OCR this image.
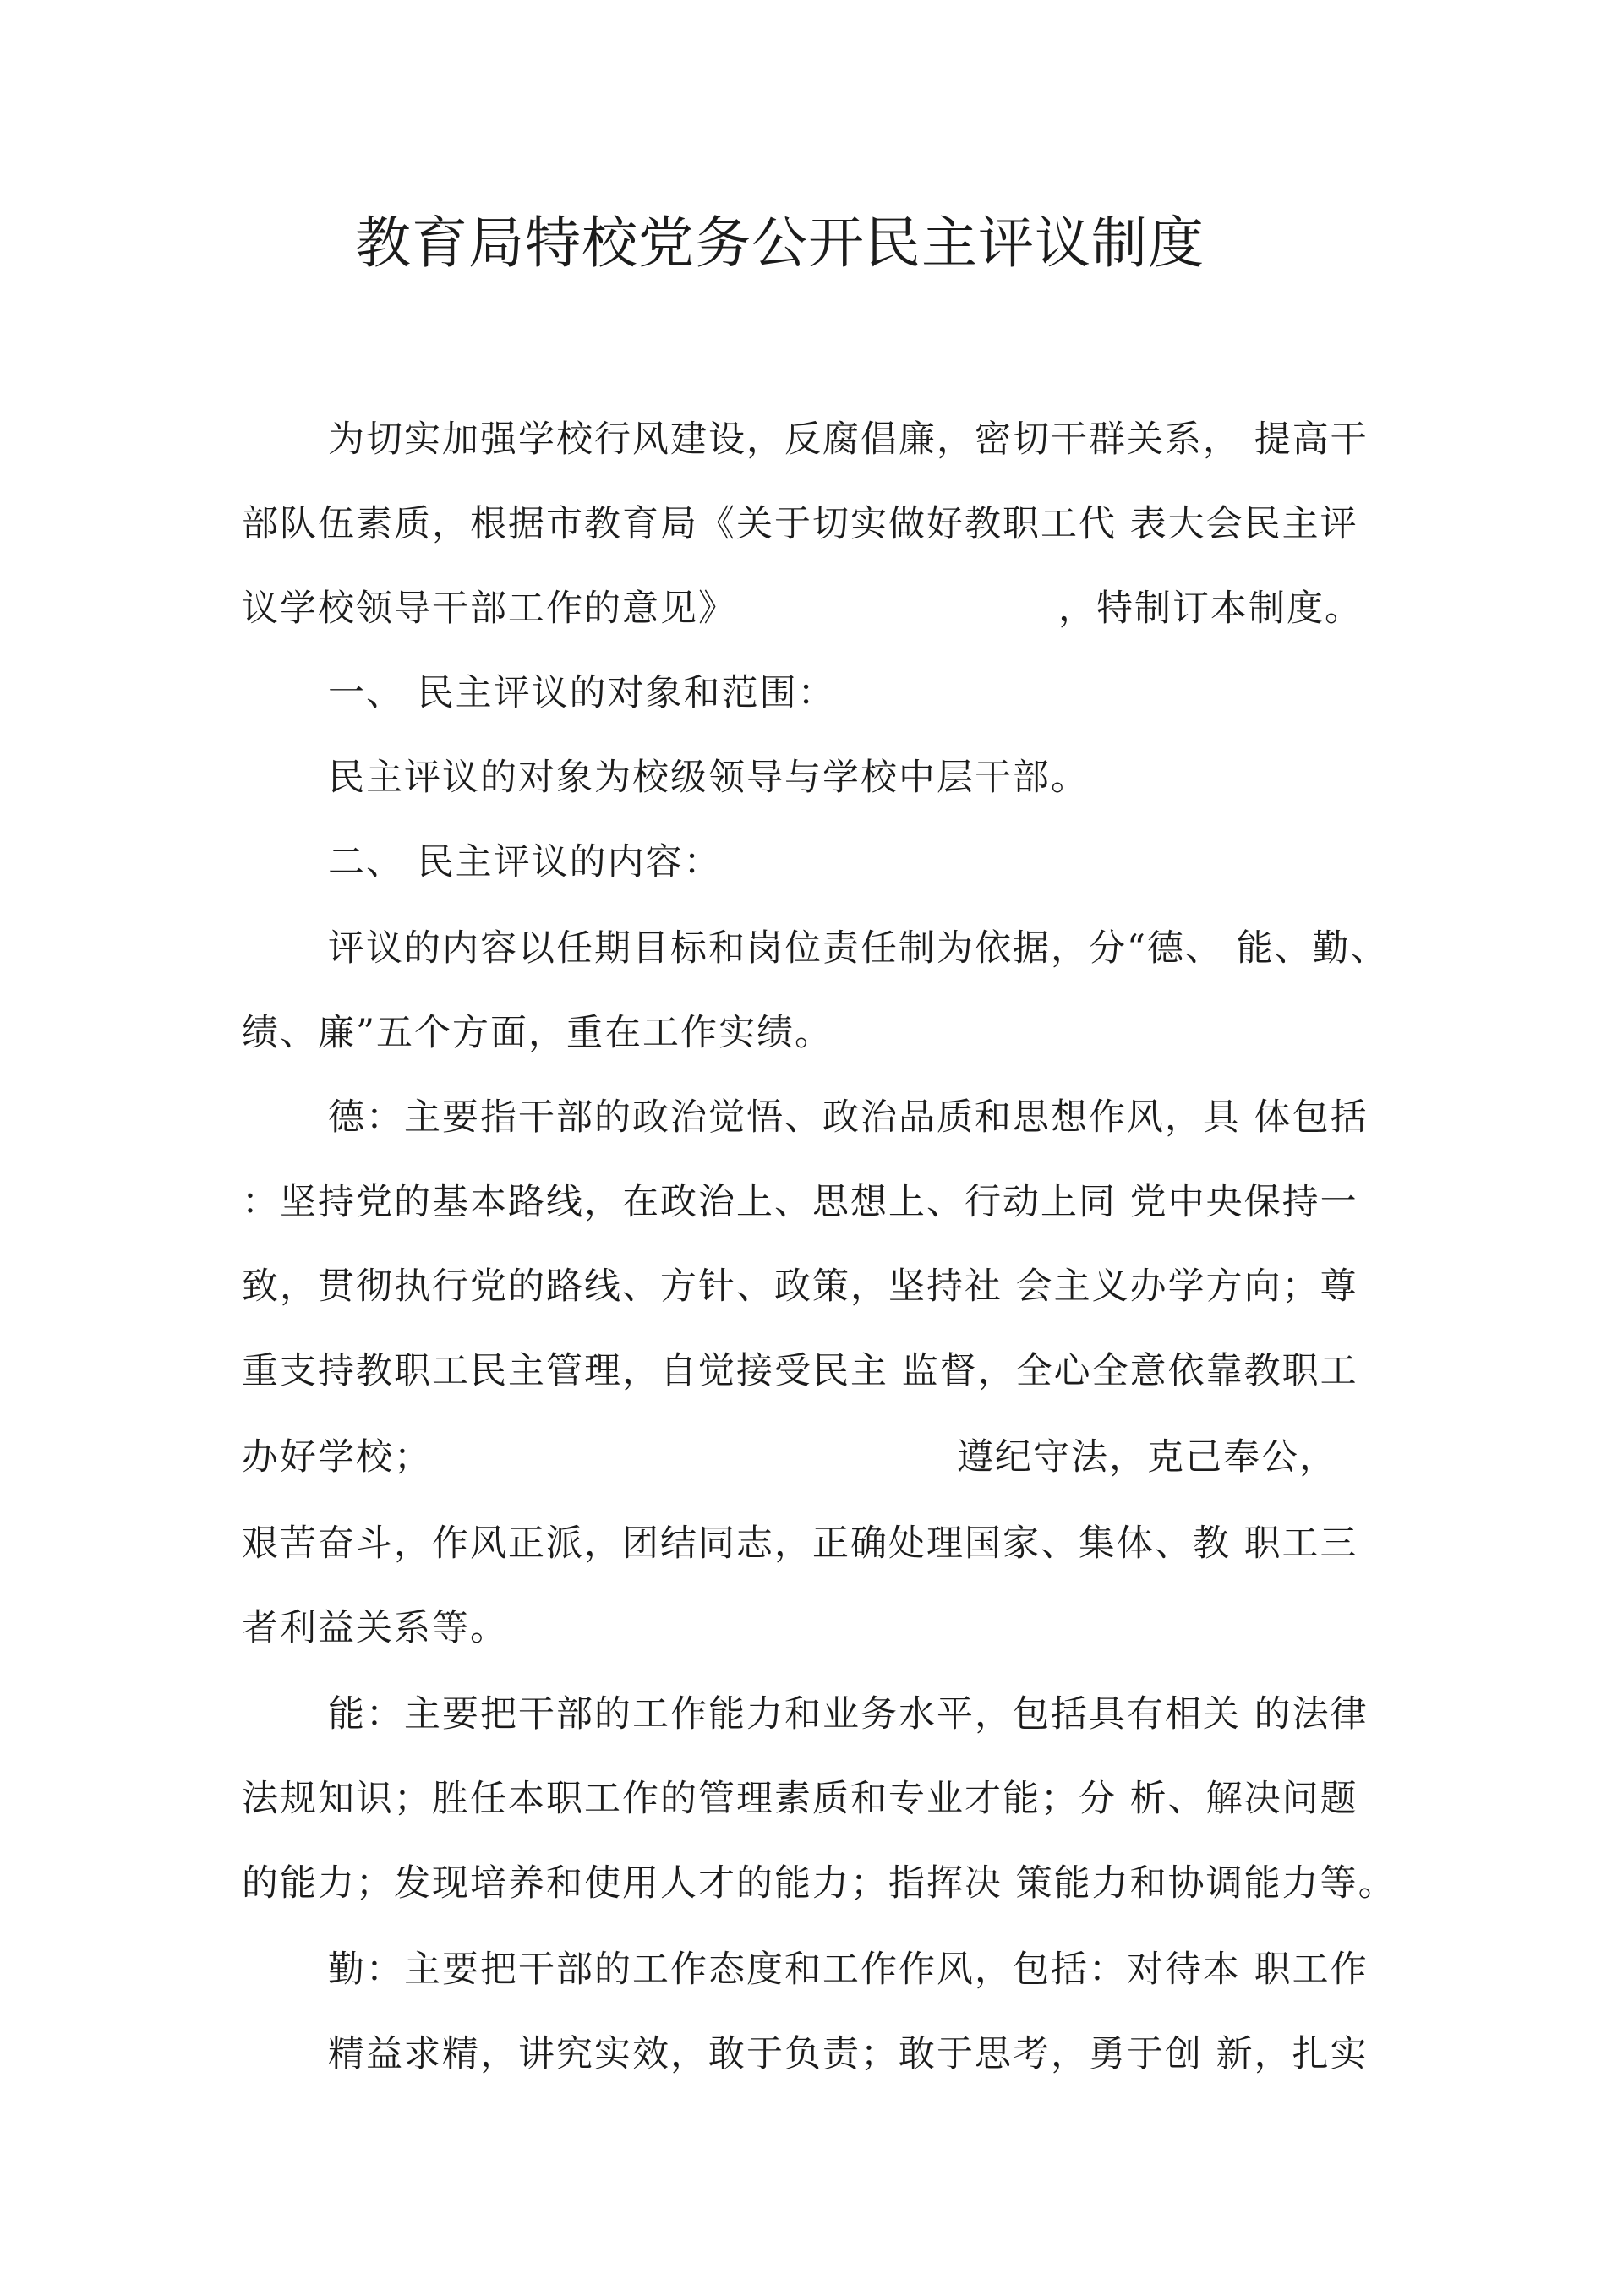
教育局特校党务公开民主评议制度
为切实加强学校行风建设，反腐倡廉，密切干群关系， 提高干
部队伍素质，根据市教育局《关于切实做好教职工代 表大会民主评
议学校领导干部工作的意见》	，特制订本制度。
一、 民主评议的对象和范围：
民主评议的对象为校级领导与学校中层干部。
二、 民主评议的内容：
评议的内容以任期目标和岗位责任制为依据，分“德、 能、勤、
绩、廉”五个方面，重在工作实绩。
德：主要指干部的政治觉悟、政治品质和思想作风，具 体包括
：坚持党的基本路线，在政治上、思想上、行动上同 党中央保持一
致，贯彻执行党的路线、方针、政策，坚持社 会主义办学方向；尊
重支持教职工民主管理，自觉接受民主 监督，全心全意依靠教职工
办好学校；	遵纪守法，克己奉公，
艰苦奋斗，作风正派，团结同志，正确处理国家、集体、教 职工三
者利益关系等。
能：主要把干部的工作能力和业务水平，包括具有相关 的法律
法规知识；胜任本职工作的管理素质和专业才能；分 析、解决问题
的能力；发现培养和使用人才的能力；指挥决 策能力和协调能力等。
勤：主要把干部的工作态度和工作作风，包括：对待本 职工作
精益求精，讲究实效，敢于负责；敢于思考，勇于创 新，扎实
